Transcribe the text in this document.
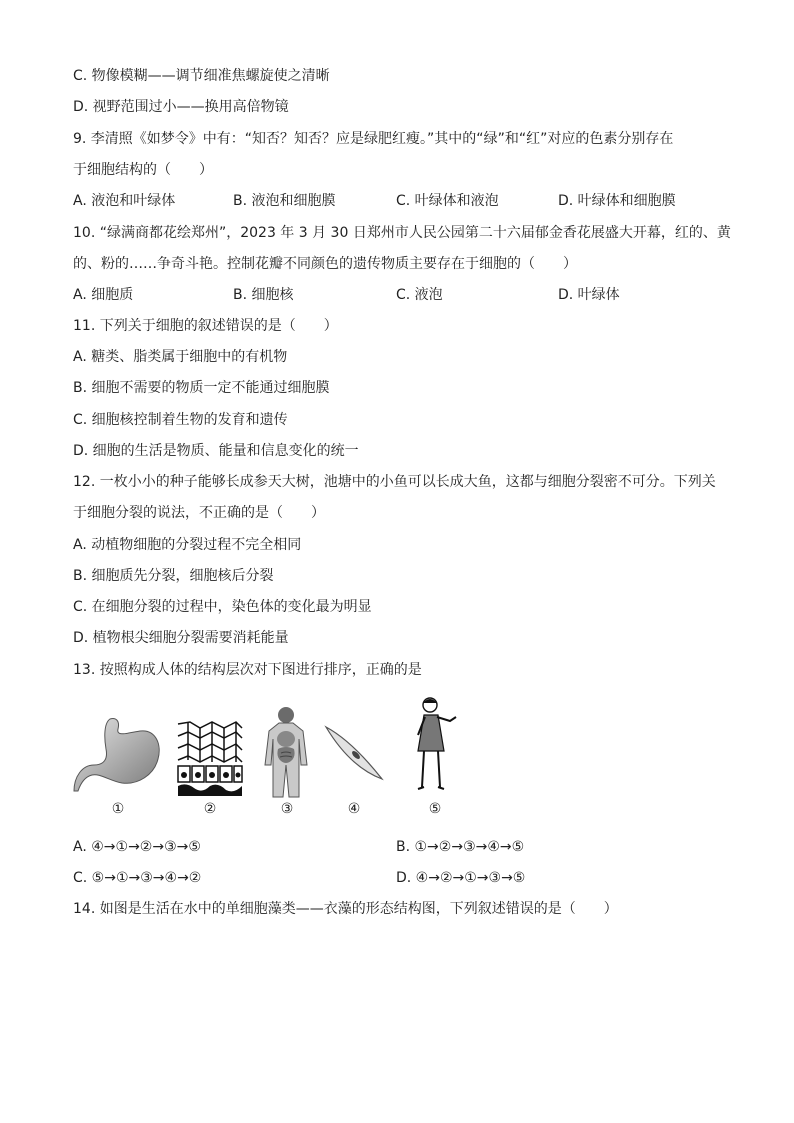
C. 物像模糊——调节细准焦螺旋使之清晰
D. 视野范围过小——换用高倍物镜
9. 李清照《如梦令》中有：“知否？知否？应是绿肥红瘦。”其中的“绿”和“红”对应的色素分别存在
于细胞结构的（　　）
A. 液泡和叶绿体	B. 液泡和细胞膜	C. 叶绿体和液泡	D. 叶绿体和细胞膜
10. “绿满商都花绘郑州”，2023 年 3 月 30 日郑州市人民公园第二十六届郁金香花展盛大开幕，红的、黄
的、粉的……争奇斗艳。控制花瓣不同颜色的遗传物质主要存在于细胞的（　　）
A. 细胞质	B. 细胞核	C. 液泡	D. 叶绿体
11. 下列关于细胞的叙述错误的是（　　）
A. 糖类、脂类属于细胞中的有机物
B. 细胞不需要的物质一定不能通过细胞膜
C. 细胞核控制着生物的发育和遗传
D. 细胞的生活是物质、能量和信息变化的统一
12. 一枚小小的种子能够长成参天大树，池塘中的小鱼可以长成大鱼，这都与细胞分裂密不可分。下列关
于细胞分裂的说法，不正确的是（　　）
A. 动植物细胞的分裂过程不完全相同
B. 细胞质先分裂，细胞核后分裂
C. 在细胞分裂的过程中，染色体的变化最为明显
D. 植物根尖细胞分裂需要消耗能量
13. 按照构成人体的结构层次对下图进行排序，正确的是
①	②	③	④	⑤
A. ④→①→②→③→⑤	B. ①→②→③→④→⑤
C. ⑤→①→③→④→②	D. ④→②→①→③→⑤
14. 如图是生活在水中的单细胞藻类——衣藻的形态结构图，下列叙述错误的是（　　）
